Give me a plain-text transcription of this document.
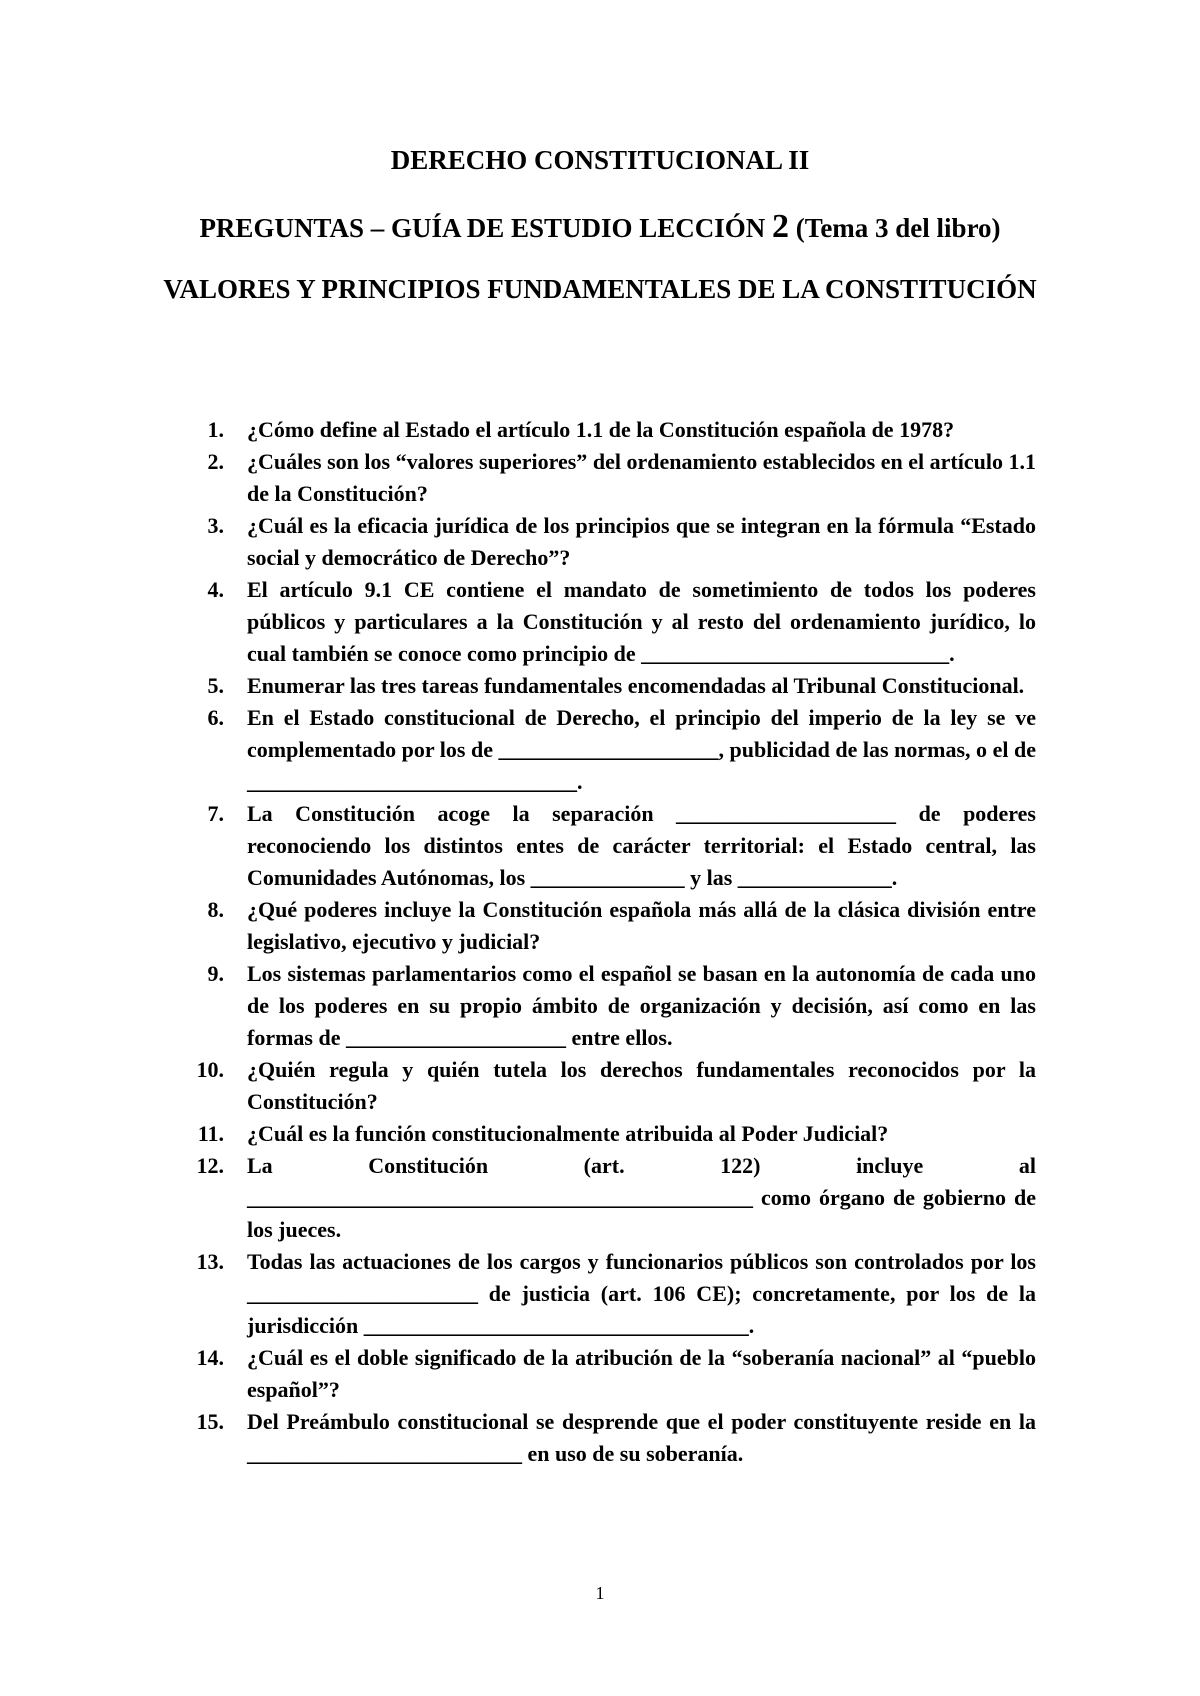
DERECHO CONSTITUCIONAL II
PREGUNTAS – GUÍA DE ESTUDIO LECCIÓN 2 (Tema 3 del libro)
VALORES Y PRINCIPIOS FUNDAMENTALES DE LA CONSTITUCIÓN
1. ¿Cómo define al Estado el artículo 1.1 de la Constitución española de 1978?
2. ¿Cuáles son los “valores superiores” del ordenamiento establecidos en el artículo 1.1 de la Constitución?
3. ¿Cuál es la eficacia jurídica de los principios que se integran en la fórmula “Estado social y democrático de Derecho”?
4. El artículo 9.1 CE contiene el mandato de sometimiento de todos los poderes públicos y particulares a la Constitución y al resto del ordenamiento jurídico, lo cual también se conoce como principio de ____________________________.
5. Enumerar las tres tareas fundamentales encomendadas al Tribunal Constitucional.
6. En el Estado constitucional de Derecho, el principio del imperio de la ley se ve complementado por los de ____________________, publicidad de las normas, o el de ______________________________.
7. La Constitución acoge la separación ____________________ de poderes reconociendo los distintos entes de carácter territorial: el Estado central, las Comunidades Autónomas, los ______________ y las ______________.
8. ¿Qué poderes incluye la Constitución española más allá de la clásica división entre legislativo, ejecutivo y judicial?
9. Los sistemas parlamentarios como el español se basan en la autonomía de cada uno de los poderes en su propio ámbito de organización y decisión, así como en las formas de ____________________ entre ellos.
10. ¿Quién regula y quién tutela los derechos fundamentales reconocidos por la Constitución?
11. ¿Cuál es la función constitucionalmente atribuida al Poder Judicial?
12. La Constitución (art. 122) incluye al ______________________________________________ como órgano de gobierno de los jueces.
13. Todas las actuaciones de los cargos y funcionarios públicos son controlados por los _____________________ de justicia (art. 106 CE); concretamente, por los de la jurisdicción ___________________________________.
14. ¿Cuál es el doble significado de la atribución de la “soberanía nacional” al “pueblo español”?
15. Del Preámbulo constitucional se desprende que el poder constituyente reside en la _________________________ en uso de su soberanía.
1
